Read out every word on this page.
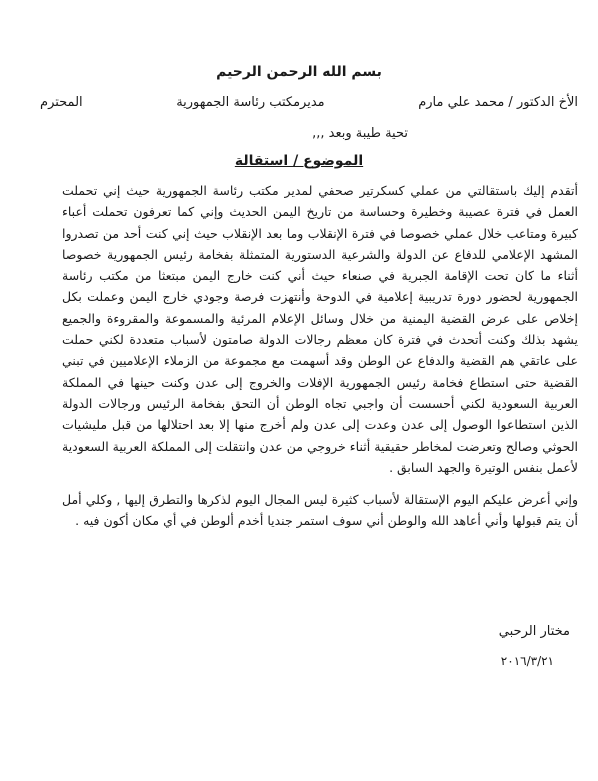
بسم الله الرحمن الرحيم
الأخ الدكتور / محمد علي مارم
مديرمكتب رئاسة الجمهورية
المحترم
تحية طيبة وبعد ,,,
الموضوع / استقالة

أتقدم إليك باستقالتي من عملي كسكرتير صحفي لمدير مكتب رئاسة الجمهورية حيث إني تحملت العمل في فترة عصيبة وخطيرة وحساسة من تاريخ اليمن الحديث وإني كما تعرفون تحملت أعباء كبيرة ومتاعب خلال عملي خصوصا في فترة الإنقلاب وما بعد الإنقلاب حيث إني كنت أحد من تصدروا المشهد الإعلامي للدفاع عن الدولة والشرعية الدستورية المتمثلة بفخامة رئيس الجمهورية خصوصا أثناء ما كان تحت الإقامة الجبرية في صنعاء حيث أني كنت خارج اليمن مبتعثا من مكتب رئاسة الجمهورية لحضور دورة تدريبية إعلامية في الدوحة وأنتهزت فرصة وجودي خارج اليمن وعملت بكل إخلاص على عرض القضية اليمنية من خلال وسائل الإعلام المرئية والمسموعة والمقروءة والجميع يشهد بذلك وكنت أتحدث في فترة كان معظم رجالات الدولة صامتون لأسباب متعددة لكني حملت على عاتقي هم القضية والدفاع عن الوطن وقد أسهمت مع مجموعة من الزملاء الإعلاميين في تبني القضية حتى استطاع فخامة رئيس الجمهورية الإفلات والخروج إلى عدن وكنت حينها في المملكة العربية السعودية لكني أحسست أن واجبي تجاه الوطن أن التحق بفخامة الرئيس ورجالات الدولة الذين استطاعوا الوصول إلى عدن وعدت إلى عدن ولم أخرج منها إلا بعد احتلالها من قبل مليشيات الحوثي وصالح وتعرضت لمخاطر حقيقية أثناء خروجي من عدن وانتقلت إلى المملكة العربية السعودية لأعمل بنفس الوتيرة والجهد السابق .

وإني أعرض عليكم اليوم الإستقالة لأسباب كثيرة ليس المجال اليوم لذكرها والتطرق إليها , وكلي أمل أن يتم قبولها وأني أعاهد الله والوطن أني سوف استمر جنديا أخدم ألوطن في أي مكان أكون فيه .

مختار الرحبي
٢٠١٦/٣/٢١
